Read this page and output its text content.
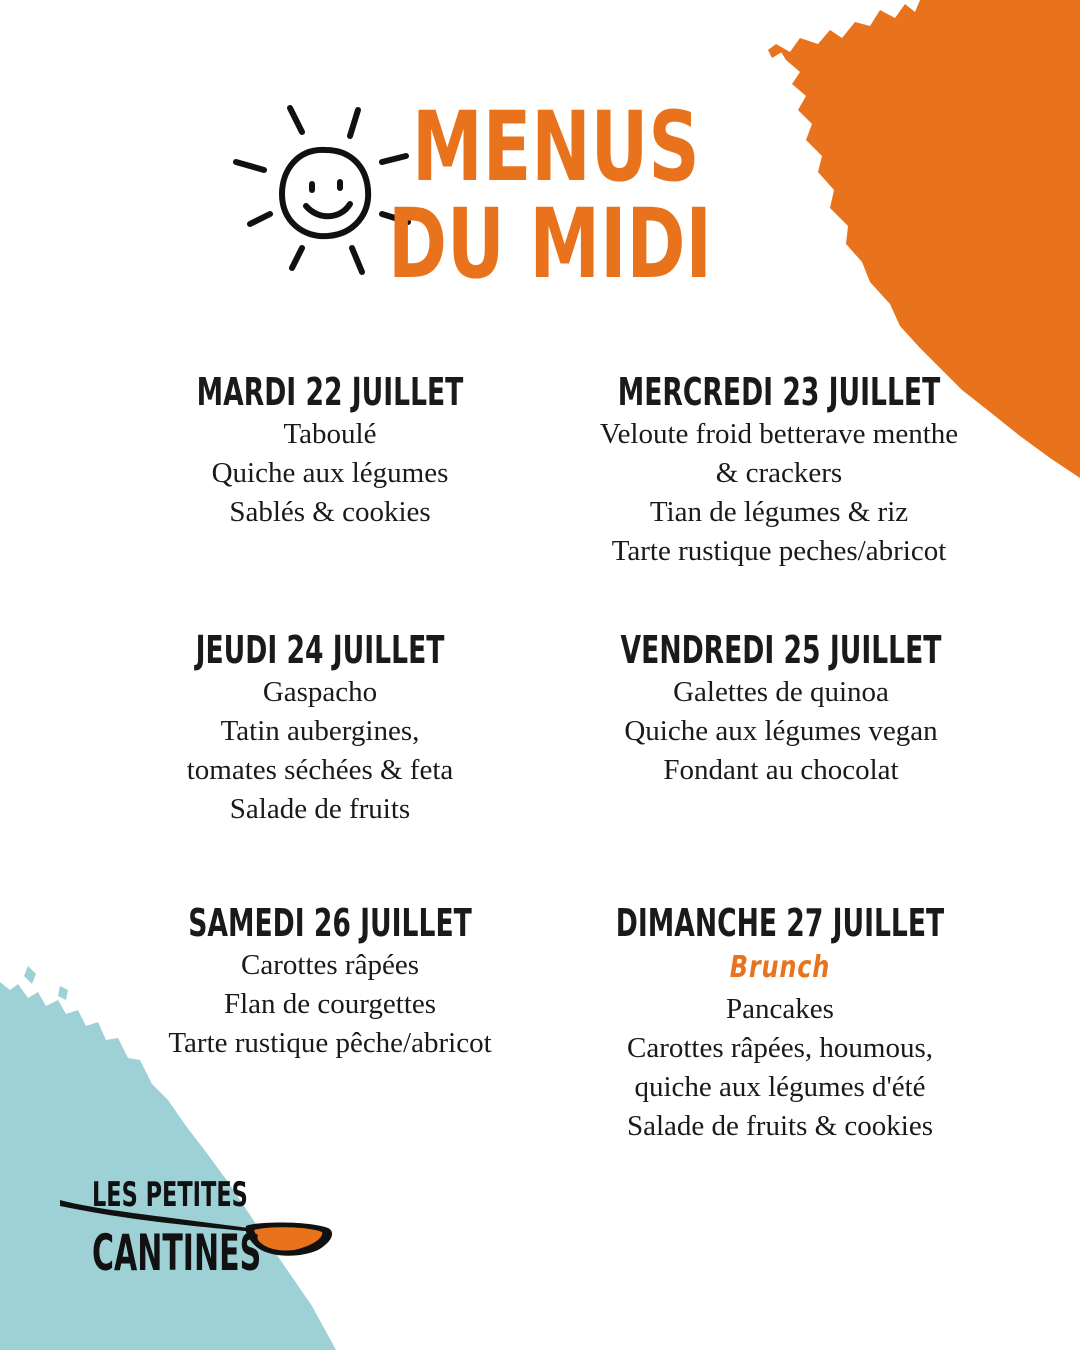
MENUS
DU MIDI
MARDI 22 JUILLET
Taboulé
Quiche aux légumes
Sablés & cookies
MERCREDI 23 JUILLET
Veloute froid betterave menthe
& crackers
Tian de légumes & riz
Tarte rustique peches/abricot
JEUDI 24 JUILLET
Gaspacho
Tatin aubergines,
tomates séchées & feta
Salade de fruits
VENDREDI 25 JUILLET
Galettes de quinoa
Quiche aux légumes vegan
Fondant au chocolat
SAMEDI 26 JUILLET
Carottes râpées
Flan de courgettes
Tarte rustique pêche/abricot
DIMANCHE 27 JUILLET
Brunch
Pancakes
Carottes râpées, houmous,
quiche aux légumes d'été
Salade de fruits & cookies
LES PETITES
CANTINES
